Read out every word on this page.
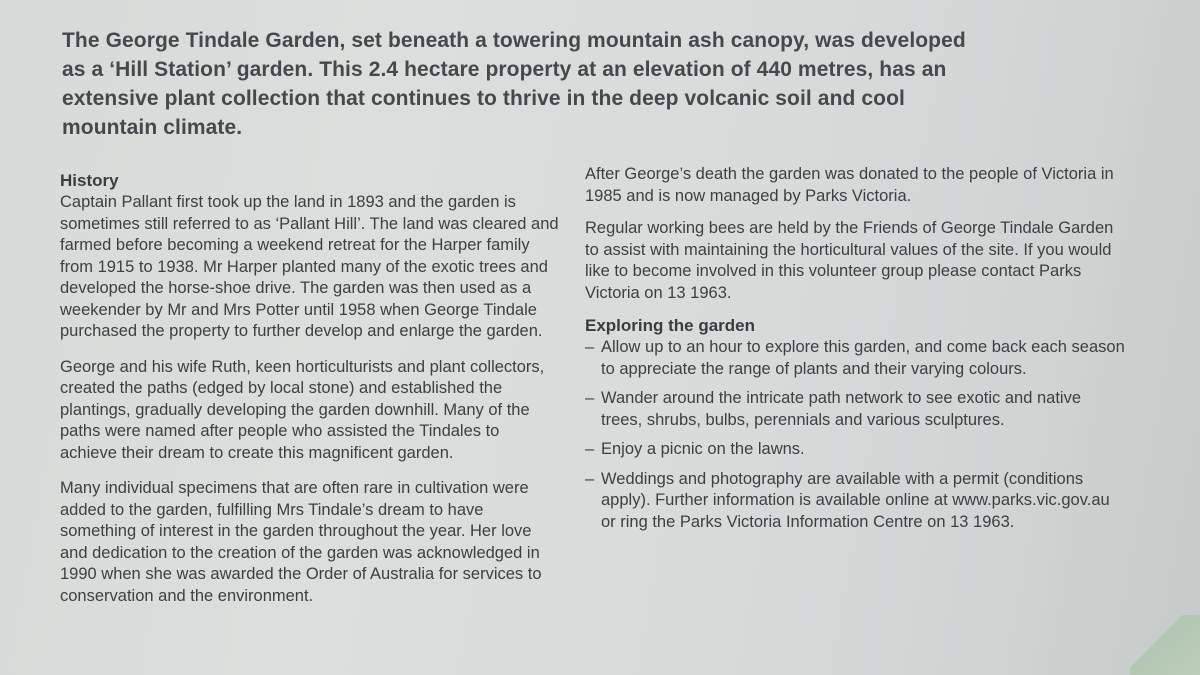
The George Tindale Garden, set beneath a towering mountain ash canopy, was developed as a ‘Hill Station’ garden. This 2.4 hectare property at an elevation of 440 metres, has an extensive plant collection that continues to thrive in the deep volcanic soil and cool mountain climate.

History

Captain Pallant first took up the land in 1893 and the garden is sometimes still referred to as ‘Pallant Hill’. The land was cleared and farmed before becoming a weekend retreat for the Harper family from 1915 to 1938. Mr Harper planted many of the exotic trees and developed the horse-shoe drive. The garden was then used as a weekender by Mr and Mrs Potter until 1958 when George Tindale purchased the property to further develop and enlarge the garden.

George and his wife Ruth, keen horticulturists and plant collectors, created the paths (edged by local stone) and established the plantings, gradually developing the garden downhill. Many of the paths were named after people who assisted the Tindales to achieve their dream to create this magnificent garden.

Many individual specimens that are often rare in cultivation were added to the garden, fulfilling Mrs Tindale’s dream to have something of interest in the garden throughout the year. Her love and dedication to the creation of the garden was acknowledged in 1990 when she was awarded the Order of Australia for services to conservation and the environment.

After George’s death the garden was donated to the people of Victoria in 1985 and is now managed by Parks Victoria.

Regular working bees are held by the Friends of George Tindale Garden to assist with maintaining the horticultural values of the site. If you would like to become involved in this volunteer group please contact Parks Victoria on 13 1963.

Exploring the garden

– Allow up to an hour to explore this garden, and come back each season to appreciate the range of plants and their varying colours.
– Wander around the intricate path network to see exotic and native trees, shrubs, bulbs, perennials and various sculptures.
– Enjoy a picnic on the lawns.
– Weddings and photography are available with a permit (conditions apply). Further information is available online at www.parks.vic.gov.au or ring the Parks Victoria Information Centre on 13 1963.
